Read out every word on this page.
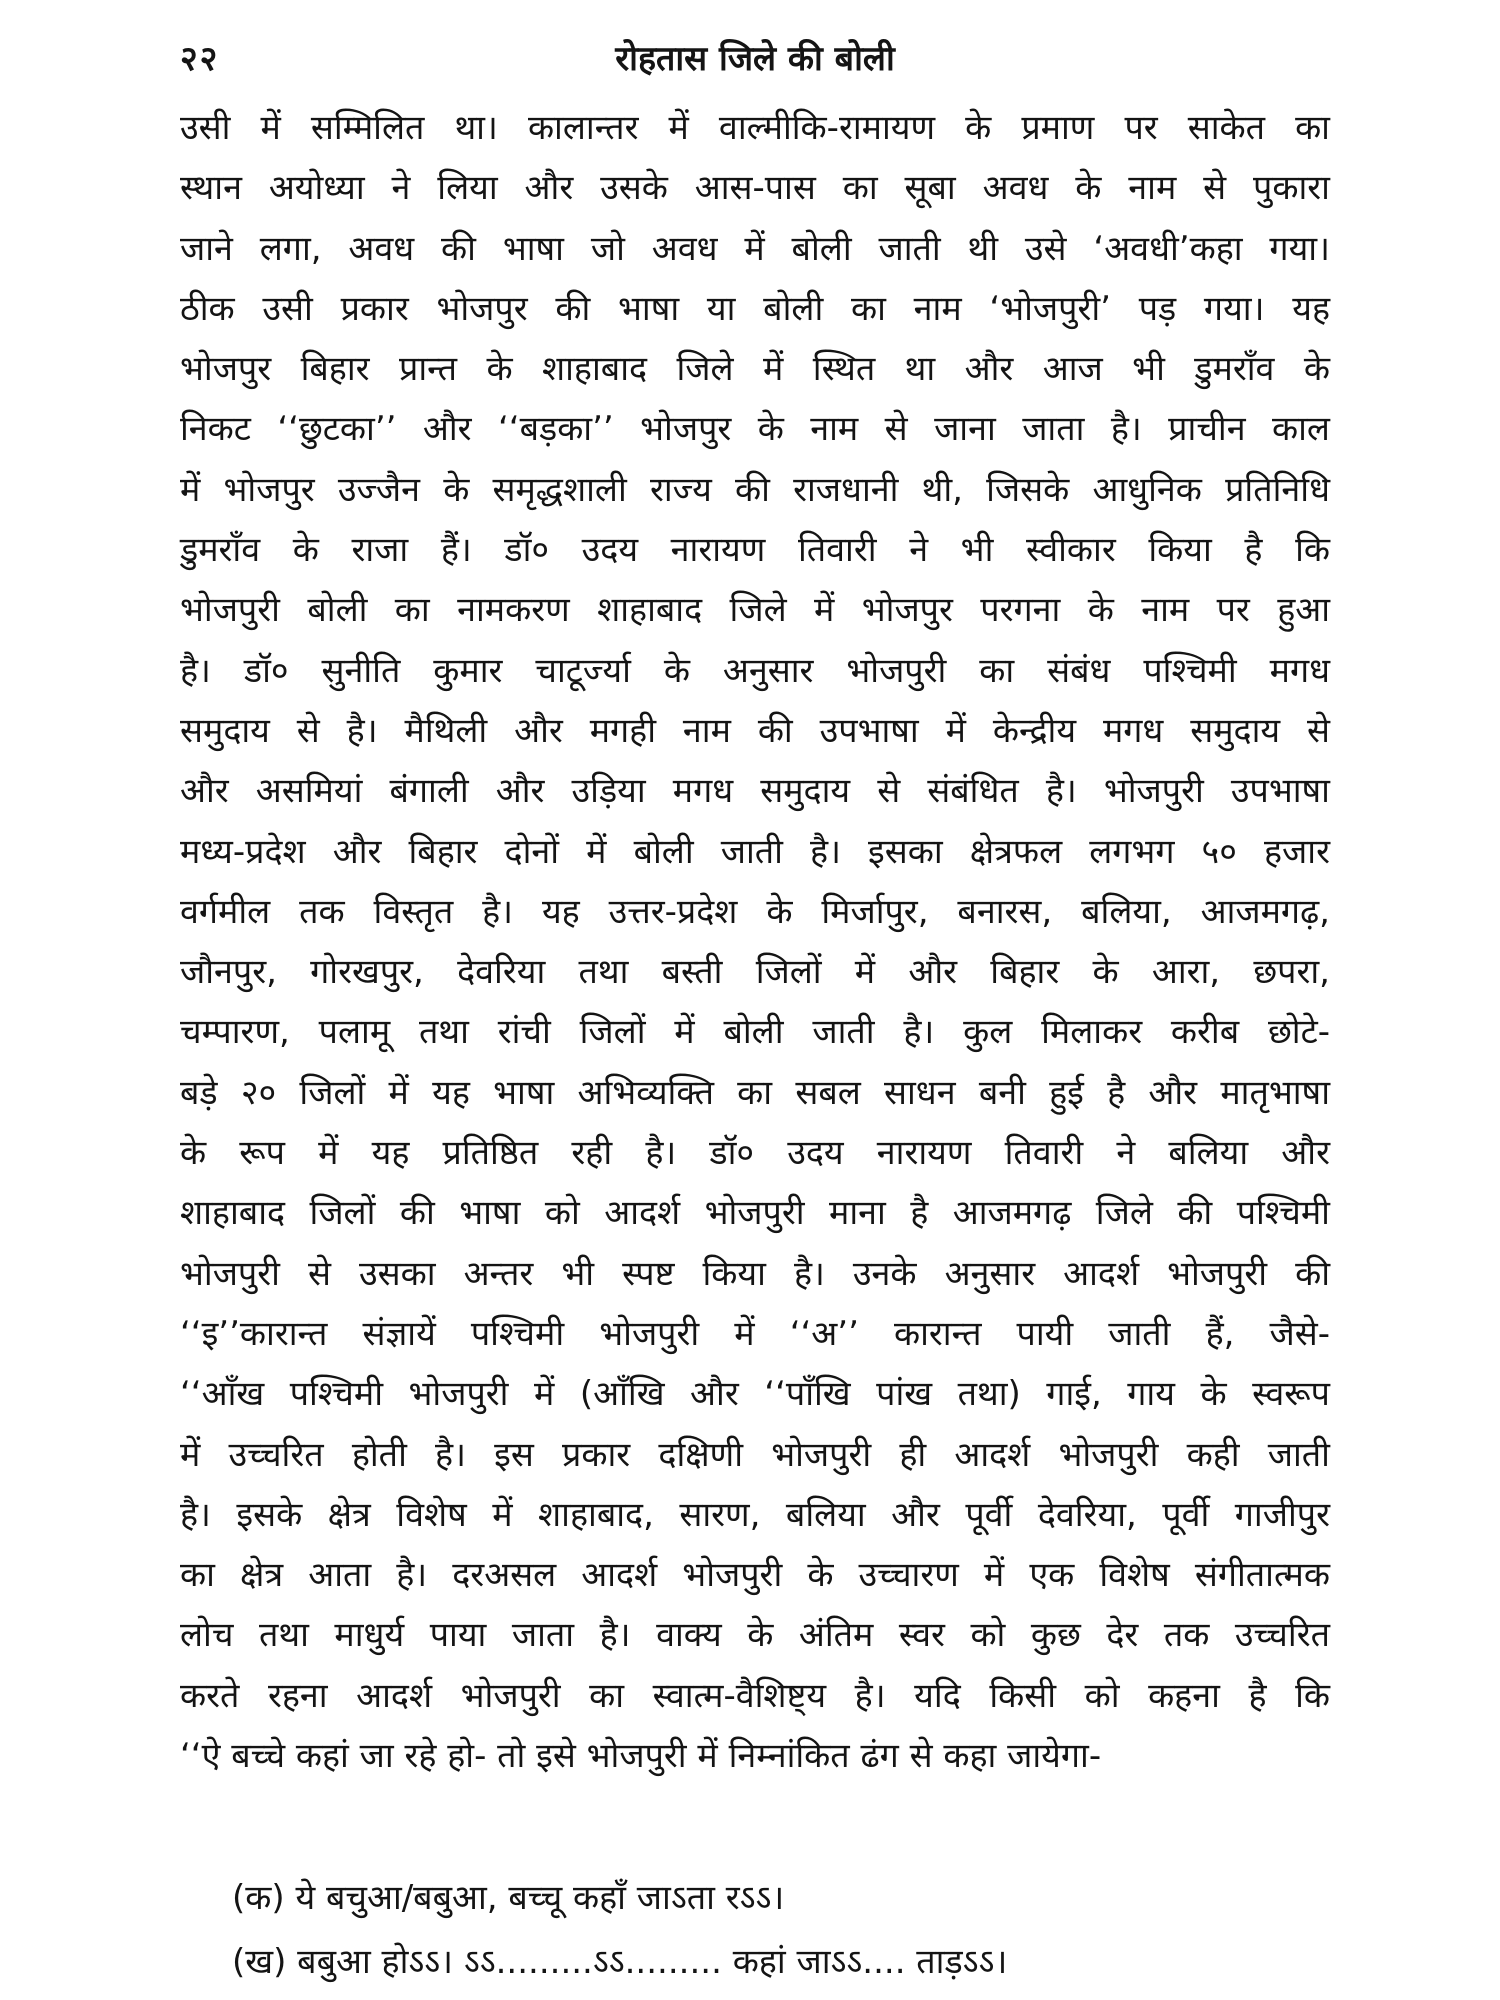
२२	रोहतास जिले की बोली
उसी में सम्मिलित था। कालान्तर में वाल्मीकि-रामायण के प्रमाण पर साकेत का
स्थान अयोध्या ने लिया और उसके आस-पास का सूबा अवध के नाम से पुकारा
जाने लगा, अवध की भाषा जो अवध में बोली जाती थी उसे ‘अवधी’कहा गया।
ठीक उसी प्रकार भोजपुर की भाषा या बोली का नाम ‘भोजपुरी’ पड़ गया। यह
भोजपुर बिहार प्रान्त के शाहाबाद जिले में स्थित था और आज भी डुमराँव के
निकट ‘‘छुटका’’ और ‘‘बड़का’’ भोजपुर के नाम से जाना जाता है। प्राचीन काल
में भोजपुर उज्जैन के समृद्धशाली राज्य की राजधानी थी, जिसके आधुनिक प्रतिनिधि
डुमराँव के राजा हैं। डॉ० उदय नारायण तिवारी ने भी स्वीकार किया है कि
भोजपुरी बोली का नामकरण शाहाबाद जिले में भोजपुर परगना के नाम पर हुआ
है। डॉ० सुनीति कुमार चाटूर्ज्या के अनुसार भोजपुरी का संबंध पश्चिमी मगध
समुदाय से है। मैथिली और मगही नाम की उपभाषा में केन्द्रीय मगध समुदाय से
और असमियां बंगाली और उड़िया मगध समुदाय से संबंधित है। भोजपुरी उपभाषा
मध्य-प्रदेश और बिहार दोनों में बोली जाती है। इसका क्षेत्रफल लगभग ५० हजार
वर्गमील तक विस्तृत है। यह उत्तर-प्रदेश के मिर्जापुर, बनारस, बलिया, आजमगढ़,
जौनपुर, गोरखपुर, देवरिया तथा बस्ती जिलों में और बिहार के आरा, छपरा,
चम्पारण, पलामू तथा रांची जिलों में बोली जाती है। कुल मिलाकर करीब छोटे-
बड़े २० जिलों में यह भाषा अभिव्यक्ति का सबल साधन बनी हुई है और मातृभाषा
के रूप में यह प्रतिष्ठित रही है। डॉ० उदय नारायण तिवारी ने बलिया और
शाहाबाद जिलों की भाषा को आदर्श भोजपुरी माना है आजमगढ़ जिले की पश्चिमी
भोजपुरी से उसका अन्तर भी स्पष्ट किया है। उनके अनुसार आदर्श भोजपुरी की
‘‘इ’’कारान्त संज्ञायें पश्चिमी भोजपुरी में ‘‘अ’’ कारान्त पायी जाती हैं, जैसे-
‘‘आँख पश्चिमी भोजपुरी में (आँखि और ‘‘पाँखि पांख तथा) गाई, गाय के स्वरूप
में उच्चरित होती है। इस प्रकार दक्षिणी भोजपुरी ही आदर्श भोजपुरी कही जाती
है। इसके क्षेत्र विशेष में शाहाबाद, सारण, बलिया और पूर्वी देवरिया, पूर्वी गाजीपुर
का क्षेत्र आता है। दरअसल आदर्श भोजपुरी के उच्चारण में एक विशेष संगीतात्मक
लोच तथा माधुर्य पाया जाता है। वाक्य के अंतिम स्वर को कुछ देर तक उच्चरित
करते रहना आदर्श भोजपुरी का स्वात्म-वैशिष्ट्य है। यदि किसी को कहना है कि
‘‘ऐ बच्चे कहां जा रहे हो- तो इसे भोजपुरी में निम्नांकित ढंग से कहा जायेगा-
(क) ये बचुआ/बबुआ, बच्चू कहाँ जाऽता रऽऽ।
(ख) बबुआ होऽऽ। ऽऽ.........ऽऽ......... कहां जाऽऽ.... ताड़ऽऽ।
